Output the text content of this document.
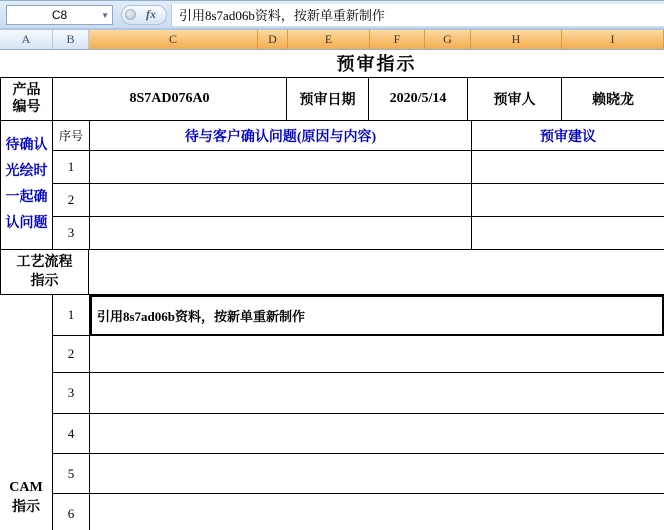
C8	▼	fx	引用8s7ad06b资料，按新单重新制作
A	B	C	D	E	F	G	H	I
预审指示
产品编号
8S7AD076A0	预审日期	2020/5/14	预审人	赖晓龙
待确认光绘时一起确认问题
序号	待与客户确认问题(原因与内容)	预审建议
1
2
3
工艺流程指示
CAM指示
1	引用8s7ad06b资料，按新单重新制作
2
3
4
5
6
